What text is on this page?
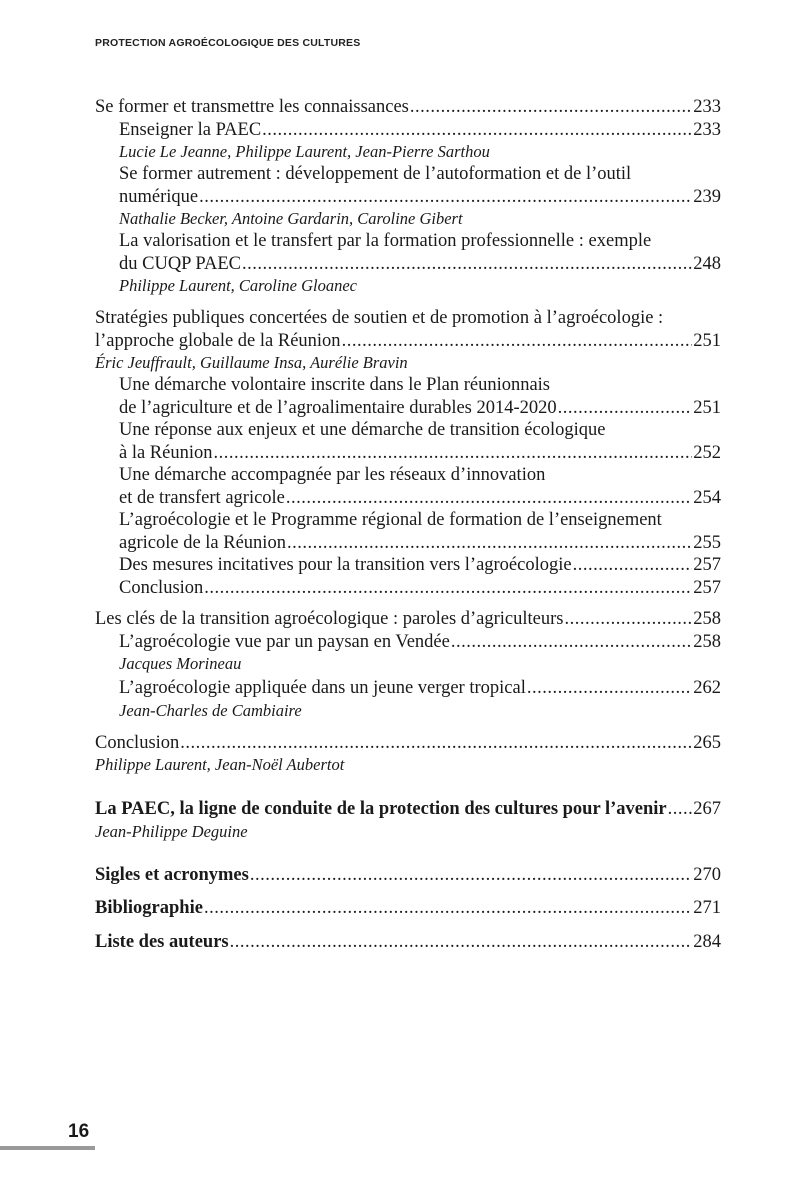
PROTECTION AGROÉCOLOGIQUE DES CULTURES
Se former et transmettre les connaissances .....	233
Enseigner la PAEC .....	233
Lucie Le Jeanne, Philippe Laurent, Jean-Pierre Sarthou
Se former autrement : développement de l’autoformation et de l’outil
numérique .....	239
Nathalie Becker, Antoine Gardarin, Caroline Gibert
La valorisation et le transfert par la formation professionnelle : exemple
du CUQP PAEC .....	248
Philippe Laurent, Caroline Gloanec
Stratégies publiques concertées de soutien et de promotion à l’agroécologie :
l’approche globale de la Réunion .....	251
Éric Jeuffrault, Guillaume Insa, Aurélie Bravin
Une démarche volontaire inscrite dans le Plan réunionnais
de l’agriculture et de l’agroalimentaire durables 2014-2020 .....	251
Une réponse aux enjeux et une démarche de transition écologique
à la Réunion .....	252
Une démarche accompagnée par les réseaux d’innovation
et de transfert agricole .....	254
L’agroécologie et le Programme régional de formation de l’enseignement
agricole de la Réunion .....	255
Des mesures incitatives pour la transition vers l’agroécologie .....	257
Conclusion .....	257
Les clés de la transition agroécologique : paroles d’agriculteurs .....	258
L’agroécologie vue par un paysan en Vendée .....	258
Jacques Morineau
L’agroécologie appliquée dans un jeune verger tropical .....	262
Jean-Charles de Cambiaire
Conclusion .....	265
Philippe Laurent, Jean-Noël Aubertot
La PAEC, la ligne de conduite de la protection des cultures pour l’avenir ..... 267
Jean-Philippe Deguine
Sigles et acronymes .....	270
Bibliographie .....	271
Liste des auteurs .....	284
16
